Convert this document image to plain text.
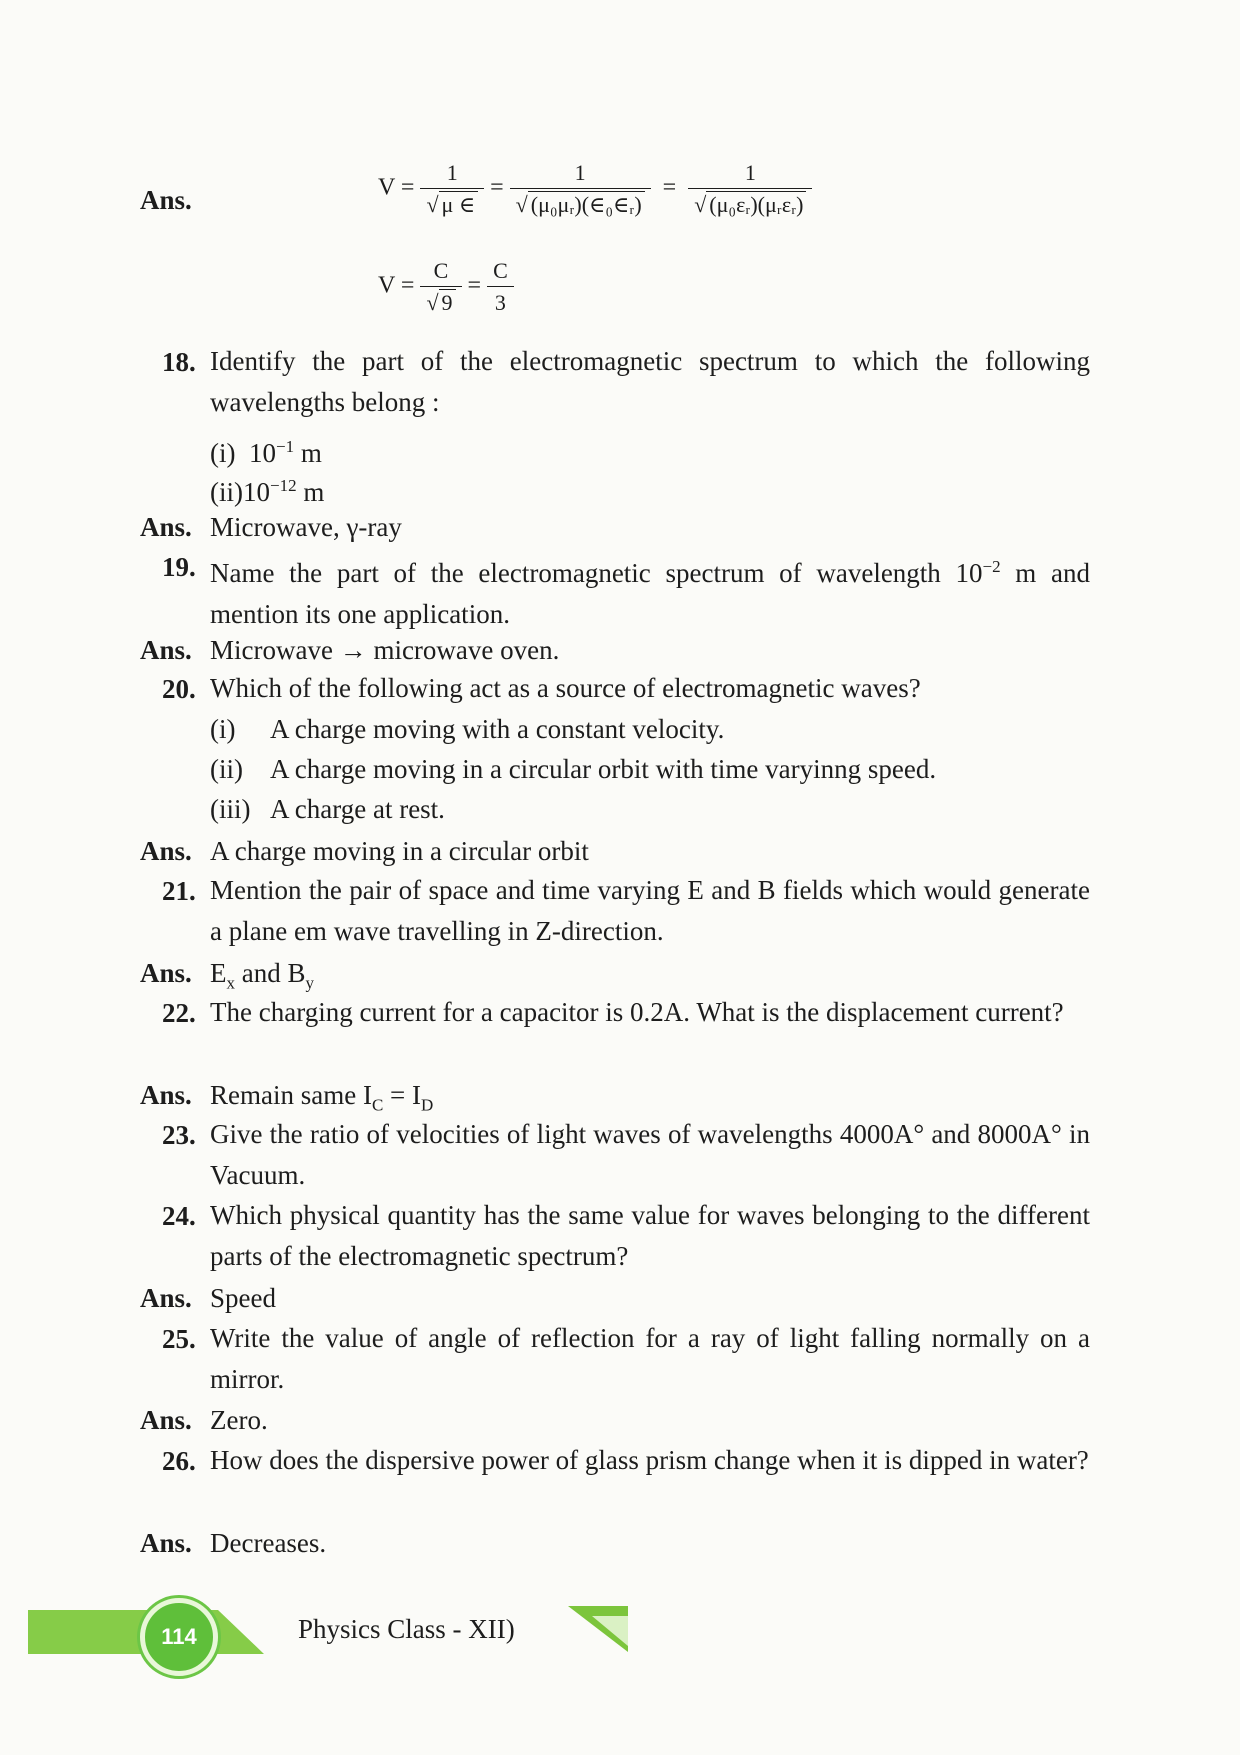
Ans.	$V = \frac{1}{√ \mu \in} = \frac{1}{\text{√ (μ₀μᵣ)(∈₀∈ᵣ)}} = \frac{1}{\text{√ (μ₀εᵣ)(μᵣεᵣ)}}$
$V = \frac{C}{√ 9} = \frac{C}{3}$
18. Identify the part of the electromagnetic spectrum to which the following wavelengths belong :
(i) $10^{-1}$ m
$(ii)10^{-12}$ m
Ans. Microwave, γ-ray
19. Name the part of the electromagnetic spectrum of wavelength $10^{-2}$ m and mention its one application.
Ans. Microwave → microwave oven.
20. Which of the following act as a source of electromagnetic waves?
(i) A charge moving with a constant velocity.
(ii) A charge moving in a circular orbit with time varyinng speed.
(iii) A charge at rest.
Ans. A charge moving in a circular orbit
21. Mention the pair of space and time varying E and B fields which would generate a plane em wave travelling in Z-direction.
Ans. $E_x$ and $B_y$
22. The charging current for a capacitor is 0.2A. What is the displacement current?
Ans. Remain same $I_C = I_D$
23. Give the ratio of velocities of light waves of wavelengths 4000A° and 8000A° in Vacuum.
24. Which physical quantity has the same value for waves belonging to the different parts of the electromagnetic spectrum?
Ans. Speed
25. Write the value of angle of reflection for a ray of light falling normally on a mirror.
Ans. Zero.
26. How does the dispersive power of glass prism change when it is dipped in water?
Ans. Decreases.
114	Physics Class - XII)
